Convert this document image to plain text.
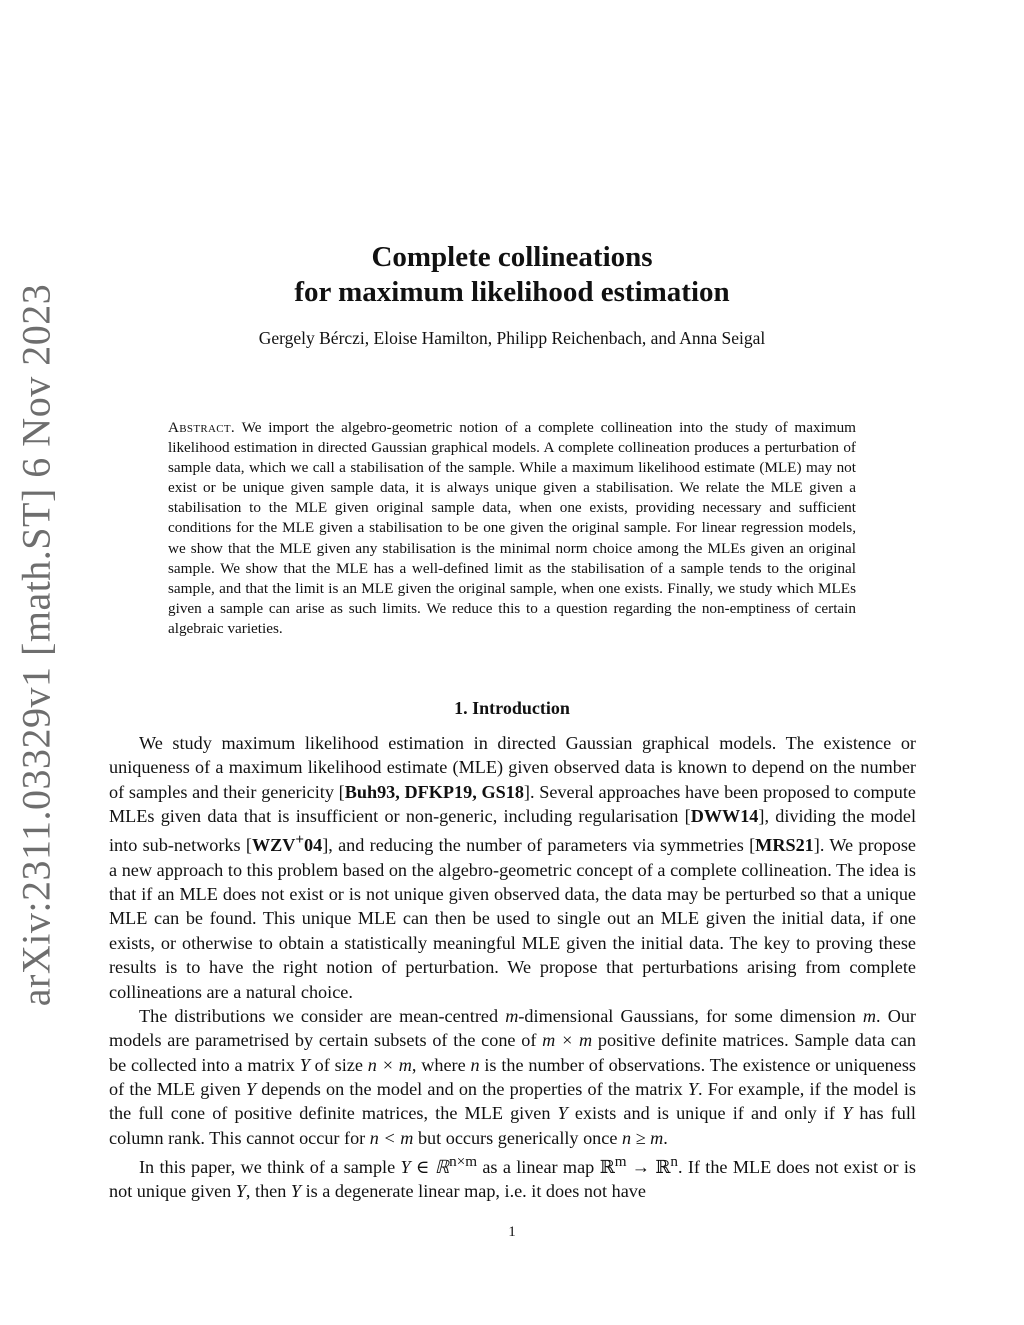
arXiv:2311.03329v1 [math.ST] 6 Nov 2023
Complete collineations
for maximum likelihood estimation
Gergely Bérczi, Eloise Hamilton, Philipp Reichenbach, and Anna Seigal
Abstract. We import the algebro-geometric notion of a complete collineation into the study of maximum likelihood estimation in directed Gaussian graphical models. A complete collineation produces a perturbation of sample data, which we call a stabilisation of the sample. While a maximum likelihood estimate (MLE) may not exist or be unique given sample data, it is always unique given a stabilisation. We relate the MLE given a stabilisation to the MLE given original sample data, when one exists, providing necessary and sufficient conditions for the MLE given a stabilisation to be one given the original sample. For linear regression models, we show that the MLE given any stabilisation is the minimal norm choice among the MLEs given an original sample. We show that the MLE has a well-defined limit as the stabilisation of a sample tends to the original sample, and that the limit is an MLE given the original sample, when one exists. Finally, we study which MLEs given a sample can arise as such limits. We reduce this to a question regarding the non-emptiness of certain algebraic varieties.
1. Introduction

We study maximum likelihood estimation in directed Gaussian graphical models. The existence or uniqueness of a maximum likelihood estimate (MLE) given observed data is known to depend on the number of samples and their genericity [Buh93, DFKP19, GS18]. Several approaches have been proposed to compute MLEs given data that is insufficient or non-generic, including regularisation [DWW14], dividing the model into sub-networks [WZV+04], and reducing the number of parameters via symmetries [MRS21]. We propose a new approach to this problem based on the algebro-geometric concept of a complete collineation. The idea is that if an MLE does not exist or is not unique given observed data, the data may be perturbed so that a unique MLE can be found. This unique MLE can then be used to single out an MLE given the initial data, if one exists, or otherwise to obtain a statistically meaningful MLE given the initial data. The key to proving these results is to have the right notion of perturbation. We propose that perturbations arising from complete collineations are a natural choice.

The distributions we consider are mean-centred m-dimensional Gaussians, for some dimension m. Our models are parametrised by certain subsets of the cone of m × m positive definite matrices. Sample data can be collected into a matrix Y of size n × m, where n is the number of observations. The existence or uniqueness of the MLE given Y depends on the model and on the properties of the matrix Y. For example, if the model is the full cone of positive definite matrices, the MLE given Y exists and is unique if and only if Y has full column rank. This cannot occur for n < m but occurs generically once n ≥ m.

In this paper, we think of a sample Y ∈ ℝ$^{n\times m}$ as a linear map ℝ$^m$ → ℝ$^n$. If the MLE does not exist or is not unique given Y, then Y is a degenerate linear map, i.e. it does not have

1
